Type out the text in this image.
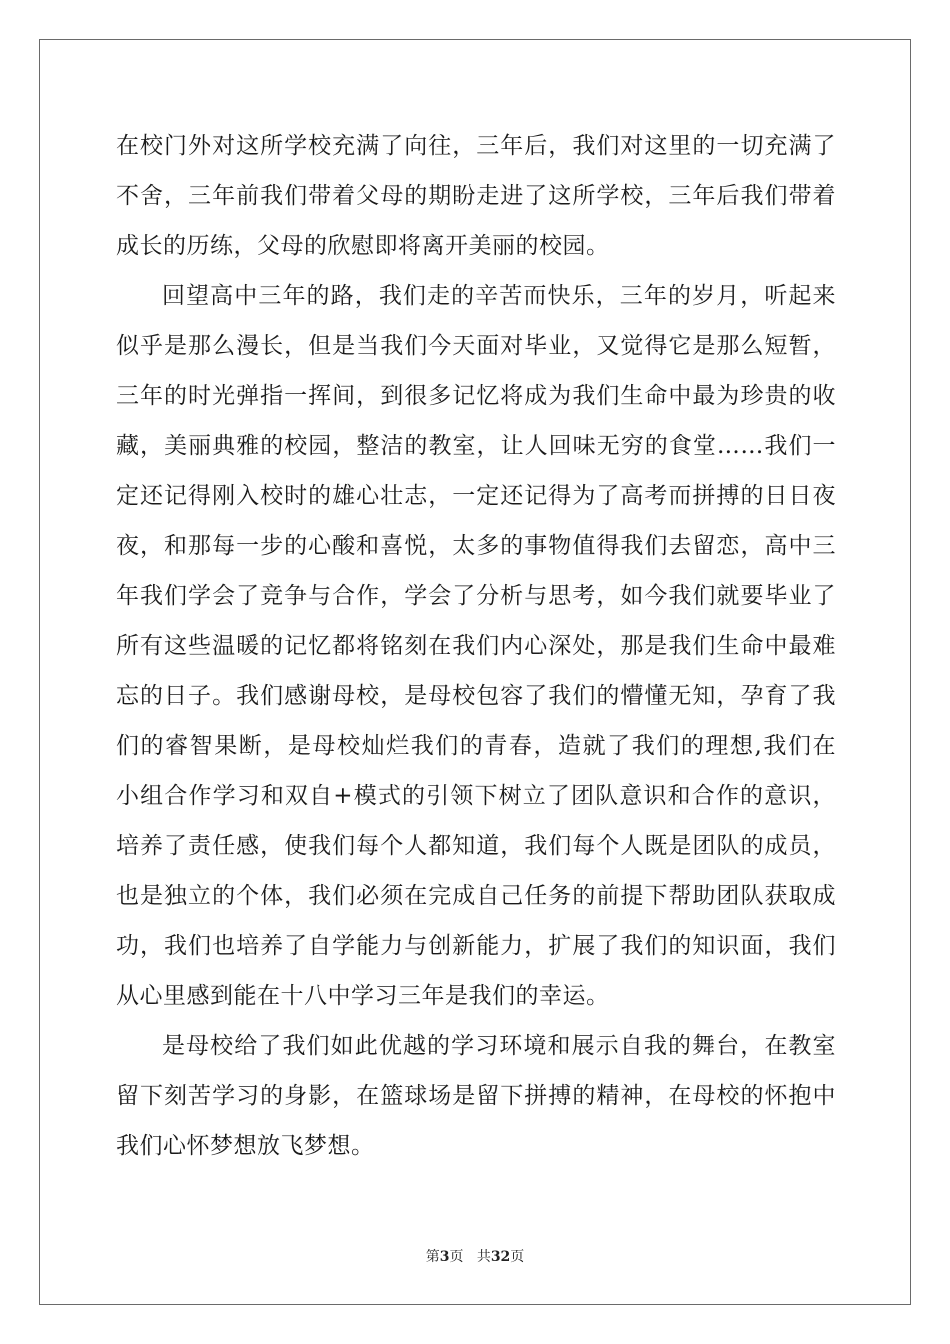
在校门外对这所学校充满了向往，三年后，我们对这里的一切充满了
不舍，三年前我们带着父母的期盼走进了这所学校，三年后我们带着
成长的历练，父母的欣慰即将离开美丽的校园。
回望高中三年的路，我们走的辛苦而快乐，三年的岁月，听起来
似乎是那么漫长，但是当我们今天面对毕业，又觉得它是那么短暂，
三年的时光弹指一挥间，到很多记忆将成为我们生命中最为珍贵的收
藏，美丽典雅的校园，整洁的教室，让人回味无穷的食堂……我们一
定还记得刚入校时的雄心壮志，一定还记得为了高考而拼搏的日日夜
夜，和那每一步的心酸和喜悦，太多的事物值得我们去留恋，高中三
年我们学会了竞争与合作，学会了分析与思考，如今我们就要毕业了
所有这些温暖的记忆都将铭刻在我们内心深处，那是我们生命中最难
忘的日子。我们感谢母校，是母校包容了我们的懵懂无知，孕育了我
们的睿智果断，是母校灿烂我们的青春，造就了我们的理想,我们在
小组合作学习和双自+模式的引领下树立了团队意识和合作的意识，
培养了责任感，使我们每个人都知道，我们每个人既是团队的成员，
也是独立的个体，我们必须在完成自己任务的前提下帮助团队获取成
功，我们也培养了自学能力与创新能力，扩展了我们的知识面，我们
从心里感到能在十八中学习三年是我们的幸运。
是母校给了我们如此优越的学习环境和展示自我的舞台，在教室
留下刻苦学习的身影，在篮球场是留下拼搏的精神，在母校的怀抱中
我们心怀梦想放飞梦想。
第3页 共32页
